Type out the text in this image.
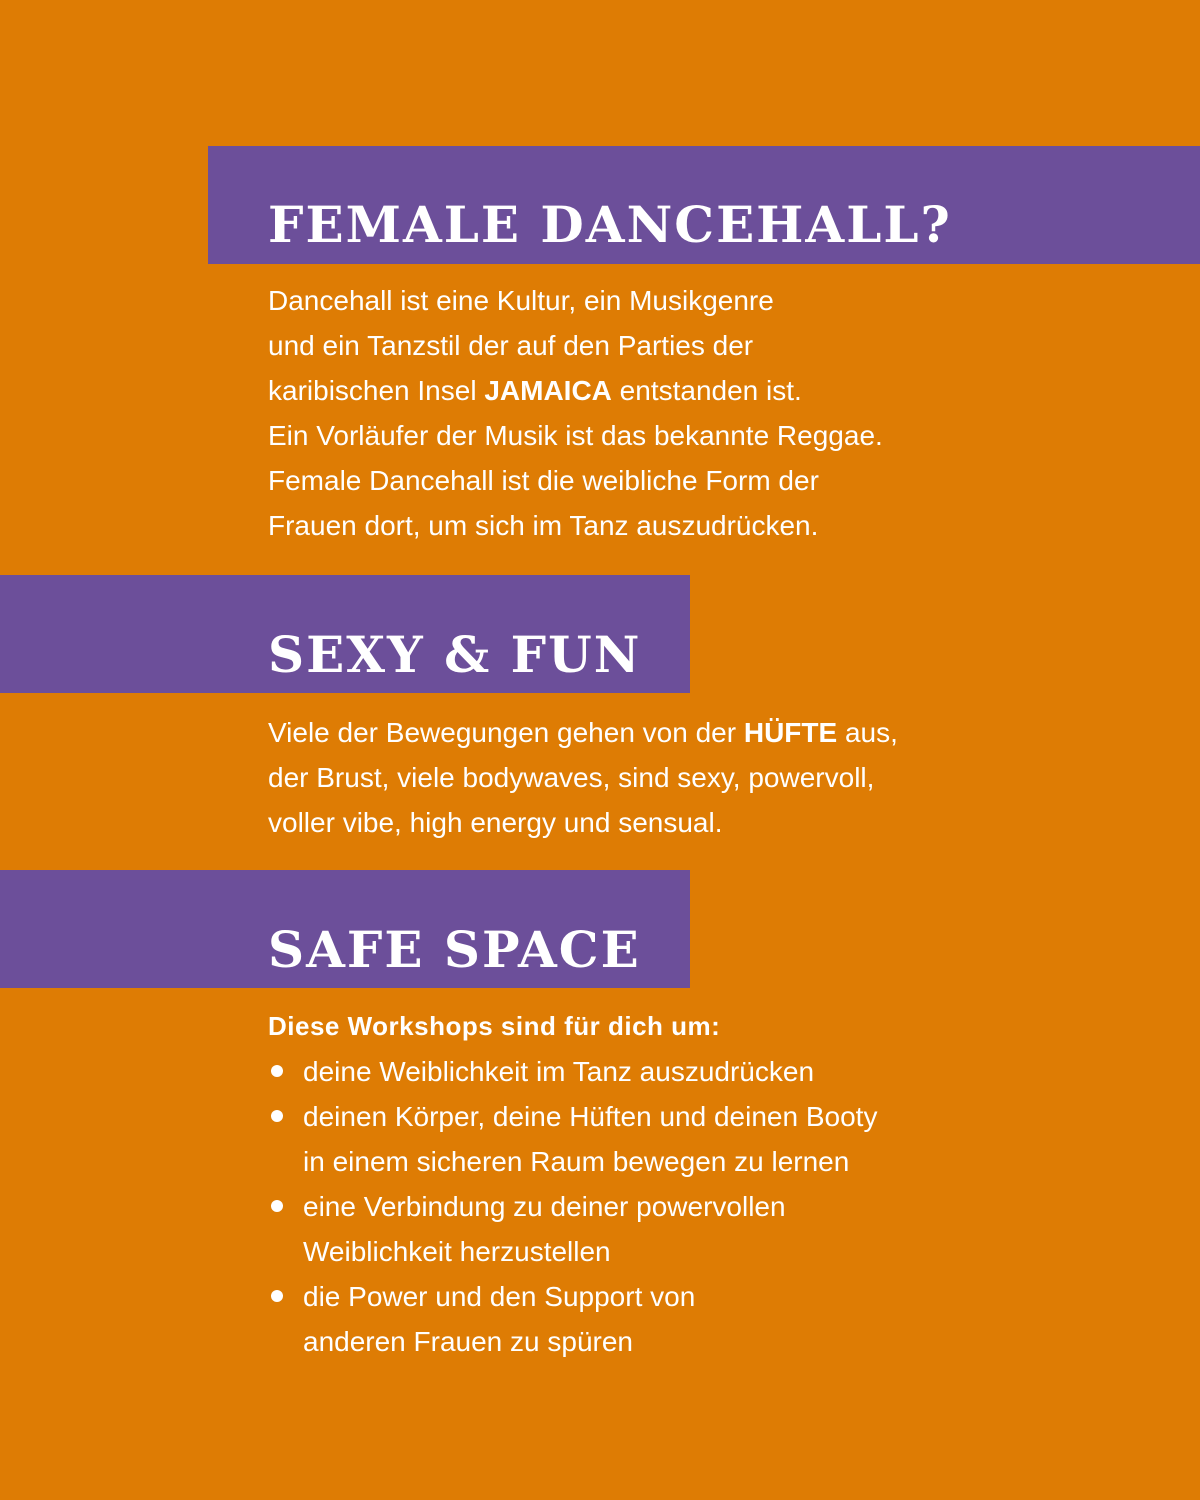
FEMALE DANCEHALL?
Dancehall ist eine Kultur, ein Musikgenre
und ein Tanzstil der auf den Parties der
karibischen Insel JAMAICA entstanden ist.
Ein Vorläufer der Musik ist das bekannte Reggae.
Female Dancehall ist die weibliche Form der
Frauen dort, um sich im Tanz auszudrücken.
SEXY & FUN
Viele der Bewegungen gehen von der HÜFTE aus,
der Brust, viele bodywaves, sind sexy, powervoll,
voller vibe, high energy und sensual.
SAFE SPACE
Diese Workshops sind für dich um:
deine Weiblichkeit im Tanz auszudrücken
deinen Körper, deine Hüften und deinen Booty
in einem sicheren Raum bewegen zu lernen
eine Verbindung zu deiner powervollen
Weiblichkeit herzustellen
die Power und den Support von
anderen Frauen zu spüren
